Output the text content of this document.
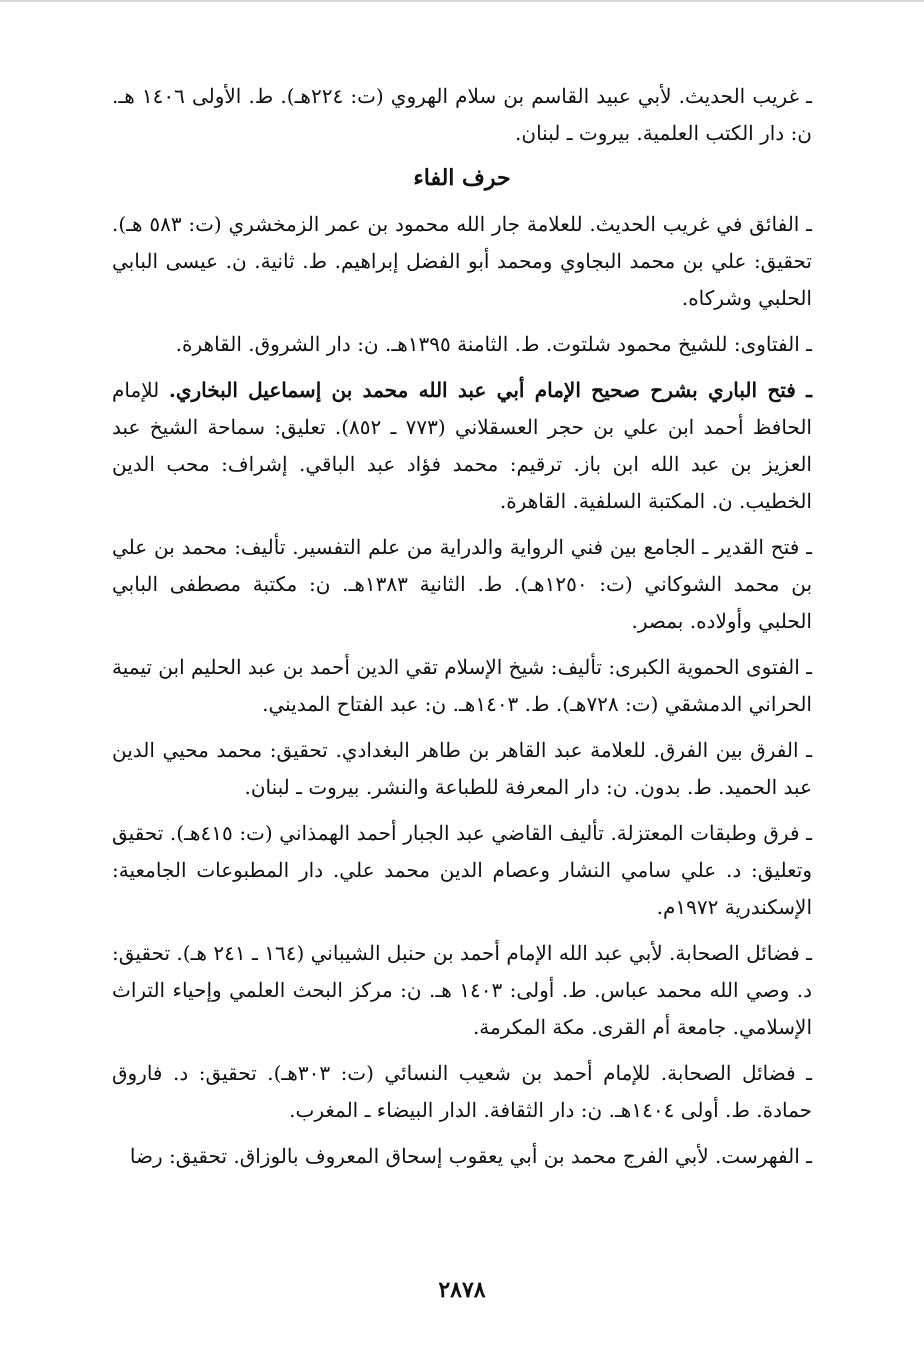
ـ غريب الحديث. لأبي عبيد القاسم بن سلام الهروي (ت: ٢٢٤هـ). ط. الأولى ١٤٠٦ هـ. ن: دار الكتب العلمية. بيروت ـ لبنان.

حرف الفاء

ـ الفائق في غريب الحديث. للعلامة جار الله محمود بن عمر الزمخشري (ت: ٥٨٣ هـ). تحقيق: علي بن محمد البجاوي ومحمد أبو الفضل إبراهيم. ط. ثانية. ن. عيسى البابي الحلبي وشركاه.

ـ الفتاوى: للشيخ محمود شلتوت. ط. الثامنة ١٣٩٥هـ. ن: دار الشروق. القاهرة.

ـ فتح الباري بشرح صحيح الإمام أبي عبد الله محمد بن إسماعيل البخاري. للإمام الحافظ أحمد ابن علي بن حجر العسقلاني (٧٧٣ ـ ٨٥٢). تعليق: سماحة الشيخ عبد العزيز بن عبد الله ابن باز. ترقيم: محمد فؤاد عبد الباقي. إشراف: محب الدين الخطيب. ن. المكتبة السلفية. القاهرة.

ـ فتح القدير ـ الجامع بين فني الرواية والدراية من علم التفسير. تأليف: محمد بن علي بن محمد الشوكاني (ت: ١٢٥٠هـ). ط. الثانية ١٣٨٣هـ. ن: مكتبة مصطفى البابي الحلبي وأولاده. بمصر.

ـ الفتوى الحموية الكبرى: تأليف: شيخ الإسلام تقي الدين أحمد بن عبد الحليم ابن تيمية الحراني الدمشقي (ت: ٧٢٨هـ). ط. ١٤٠٣هـ. ن: عبد الفتاح المديني.

ـ الفرق بين الفرق. للعلامة عبد القاهر بن طاهر البغدادي. تحقيق: محمد محيي الدين عبد الحميد. ط. بدون. ن: دار المعرفة للطباعة والنشر. بيروت ـ لبنان.

ـ فرق وطبقات المعتزلة. تأليف القاضي عبد الجبار أحمد الهمذاني (ت: ٤١٥هـ). تحقيق وتعليق: د. علي سامي النشار وعصام الدين محمد علي. دار المطبوعات الجامعية: الإسكندرية ١٩٧٢م.

ـ فضائل الصحابة. لأبي عبد الله الإمام أحمد بن حنبل الشيباني (١٦٤ ـ ٢٤١ هـ). تحقيق: د. وصي الله محمد عباس. ط. أولى: ١٤٠٣ هـ. ن: مركز البحث العلمي وإحياء التراث الإسلامي. جامعة أم القرى. مكة المكرمة.

ـ فضائل الصحابة. للإمام أحمد بن شعيب النسائي (ت: ٣٠٣هـ). تحقيق: د. فاروق حمادة. ط. أولى ١٤٠٤هـ. ن: دار الثقافة. الدار البيضاء ـ المغرب.

ـ الفهرست. لأبي الفرج محمد بن أبي يعقوب إسحاق المعروف بالوزاق. تحقيق: رضا

٢٨٧٨
